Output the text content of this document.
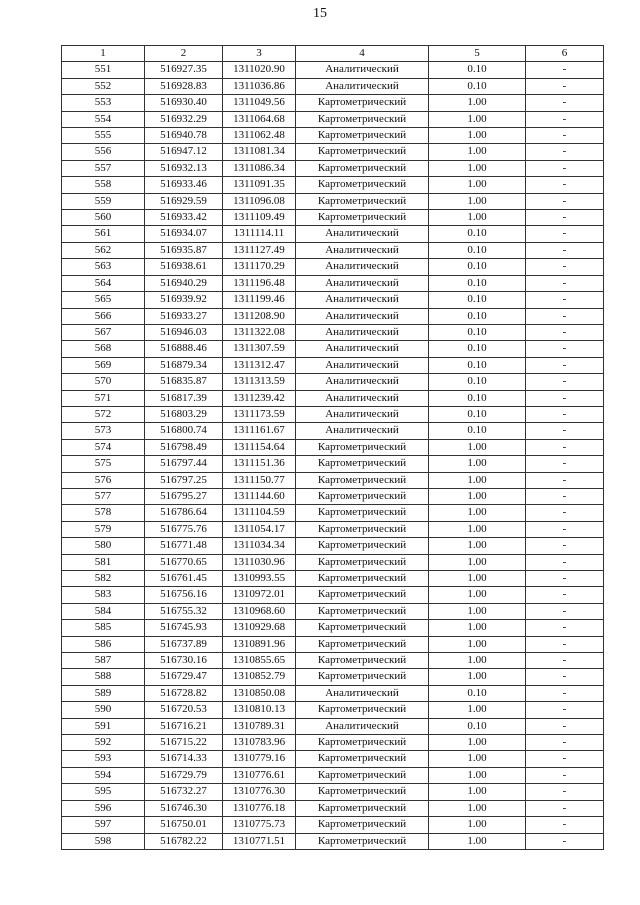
15
1	2	3	4	5	6
551	516927.35	1311020.90	Аналитический	0.10	-
552	516928.83	1311036.86	Аналитический	0.10	-
553	516930.40	1311049.56	Картометрический	1.00	-
554	516932.29	1311064.68	Картометрический	1.00	-
555	516940.78	1311062.48	Картометрический	1.00	-
556	516947.12	1311081.34	Картометрический	1.00	-
557	516932.13	1311086.34	Картометрический	1.00	-
558	516933.46	1311091.35	Картометрический	1.00	-
559	516929.59	1311096.08	Картометрический	1.00	-
560	516933.42	1311109.49	Картометрический	1.00	-
561	516934.07	1311114.11	Аналитический	0.10	-
562	516935.87	1311127.49	Аналитический	0.10	-
563	516938.61	1311170.29	Аналитический	0.10	-
564	516940.29	1311196.48	Аналитический	0.10	-
565	516939.92	1311199.46	Аналитический	0.10	-
566	516933.27	1311208.90	Аналитический	0.10	-
567	516946.03	1311322.08	Аналитический	0.10	-
568	516888.46	1311307.59	Аналитический	0.10	-
569	516879.34	1311312.47	Аналитический	0.10	-
570	516835.87	1311313.59	Аналитический	0.10	-
571	516817.39	1311239.42	Аналитический	0.10	-
572	516803.29	1311173.59	Аналитический	0.10	-
573	516800.74	1311161.67	Аналитический	0.10	-
574	516798.49	1311154.64	Картометрический	1.00	-
575	516797.44	1311151.36	Картометрический	1.00	-
576	516797.25	1311150.77	Картометрический	1.00	-
577	516795.27	1311144.60	Картометрический	1.00	-
578	516786.64	1311104.59	Картометрический	1.00	-
579	516775.76	1311054.17	Картометрический	1.00	-
580	516771.48	1311034.34	Картометрический	1.00	-
581	516770.65	1311030.96	Картометрический	1.00	-
582	516761.45	1310993.55	Картометрический	1.00	-
583	516756.16	1310972.01	Картометрический	1.00	-
584	516755.32	1310968.60	Картометрический	1.00	-
585	516745.93	1310929.68	Картометрический	1.00	-
586	516737.89	1310891.96	Картометрический	1.00	-
587	516730.16	1310855.65	Картометрический	1.00	-
588	516729.47	1310852.79	Картометрический	1.00	-
589	516728.82	1310850.08	Аналитический	0.10	-
590	516720.53	1310810.13	Картометрический	1.00	-
591	516716.21	1310789.31	Аналитический	0.10	-
592	516715.22	1310783.96	Картометрический	1.00	-
593	516714.33	1310779.16	Картометрический	1.00	-
594	516729.79	1310776.61	Картометрический	1.00	-
595	516732.27	1310776.30	Картометрический	1.00	-
596	516746.30	1310776.18	Картометрический	1.00	-
597	516750.01	1310775.73	Картометрический	1.00	-
598	516782.22	1310771.51	Картометрический	1.00	-
